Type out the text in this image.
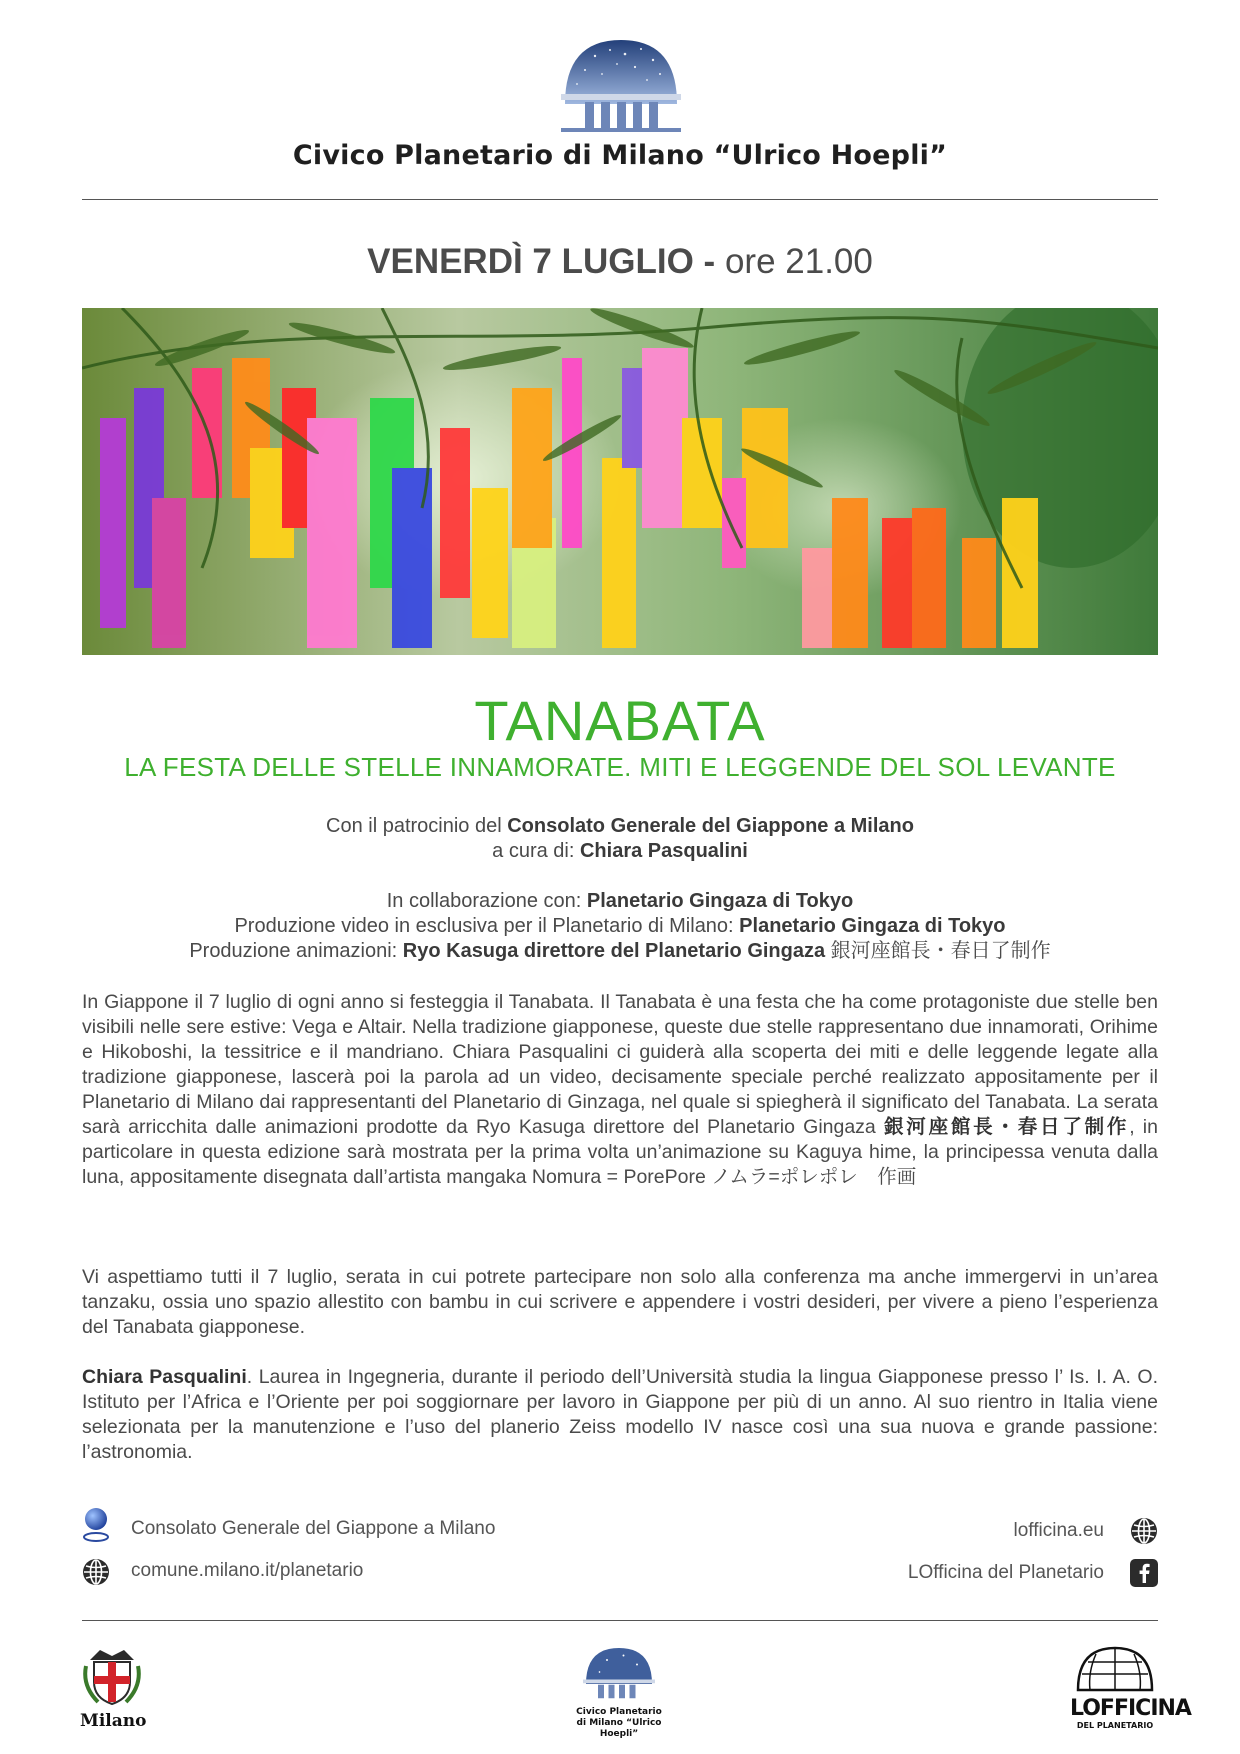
Civico Planetario di Milano “Ulrico Hoepli”
VENERDÌ 7 LUGLIO - ore 21.00
TANABATA
LA FESTA DELLE STELLE INNAMORATE. MITI E LEGGENDE DEL SOL LEVANTE
Con il patrocinio del Consolato Generale del Giappone a Milano
a cura di: Chiara Pasqualini
In collaborazione con: Planetario Gingaza di Tokyo
Produzione video in esclusiva per il Planetario di Milano: Planetario Gingaza di Tokyo
Produzione animazioni: Ryo Kasuga direttore del Planetario Gingaza 銀河座館長・春日了制作
In Giappone il 7 luglio di ogni anno si festeggia il Tanabata. Il Tanabata è una festa che ha come protagoniste due stelle ben visibili nelle sere estive: Vega e Altair. Nella tradizione giapponese, queste due stelle rappresentano due innamorati, Orihime e Hikoboshi, la tessitrice e il mandriano. Chiara Pasqualini ci guiderà alla scoperta dei miti e delle leggende legate alla tradizione giapponese, lascerà poi la parola ad un video, decisamente speciale perché realizzato appositamente per il Planetario di Milano dai rappresentanti del Planetario di Ginzaga, nel quale si spiegherà il significato del Tanabata. La serata sarà arricchita dalle animazioni prodotte da Ryo Kasuga direttore del Planetario Gingaza 銀河座館長・春日了制作, in particolare in questa edizione sarà mostrata per la prima volta un’animazione su Kaguya hime, la principessa venuta dalla luna, appositamente disegnata dall’artista mangaka Nomura = PorePore ノムラ=ポレポレ　作画
Vi aspettiamo tutti il 7 luglio, serata in cui potrete partecipare non solo alla conferenza ma anche immergervi in un’area tanzaku, ossia uno spazio allestito con bambu in cui scrivere e appendere i vostri desideri, per vivere a pieno l’esperienza del Tanabata giapponese.
Chiara Pasqualini. Laurea in Ingegneria, durante il periodo dell’Università studia la lingua Giapponese presso l’ Is. I. A. O. Istituto per l’Africa e l’Oriente per poi soggiornare per lavoro in Giappone per più di un anno. Al suo rientro in Italia viene selezionata per la manutenzione e l’uso del planerio Zeiss modello IV nasce così una sua nuova e grande passione: l’astronomia.
Consolato Generale del Giappone a Milano
comune.milano.it/planetario
lofficina.eu
LOfficina del Planetario
Milano	Civico Planetario
di Milano “Ulrico Hoepli”
LOFFICINA
DEL PLANETARIO
